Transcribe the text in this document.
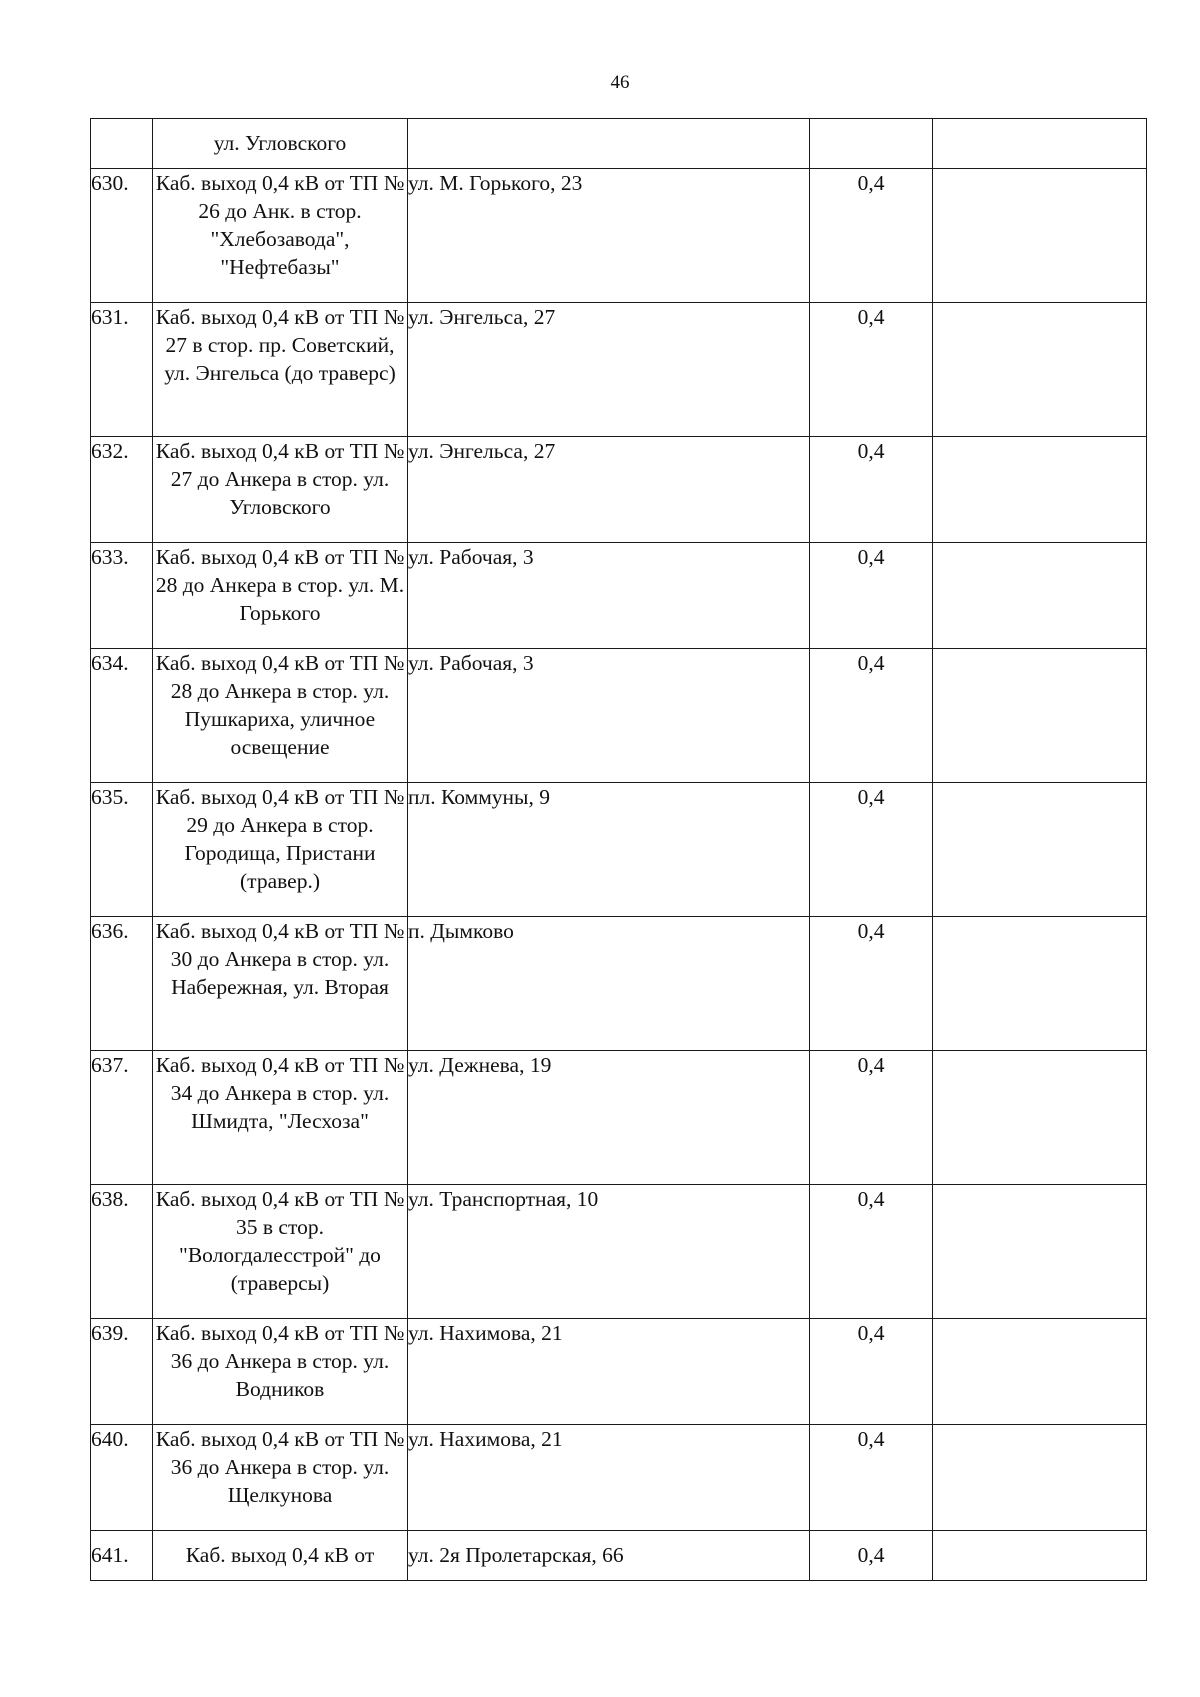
46
	ул. Угловского			
630.	Каб. выход 0,4 кВ от ТП № 26 до Анк. в стор. "Хлебозавода", "Нефтебазы"	ул. М. Горького, 23	0,4	
631.	Каб. выход 0,4 кВ от ТП № 27 в стор. пр. Советский, ул. Энгельса (до траверс)	ул. Энгельса, 27	0,4	
632.	Каб. выход 0,4 кВ от ТП № 27 до Анкера в стор. ул. Угловского	ул. Энгельса, 27	0,4	
633.	Каб. выход 0,4 кВ от ТП № 28 до Анкера в стор. ул. М. Горького	ул. Рабочая, 3	0,4	
634.	Каб. выход 0,4 кВ от ТП № 28 до Анкера в стор. ул. Пушкариха, уличное освещение	ул. Рабочая, 3	0,4	
635.	Каб. выход 0,4 кВ от ТП № 29 до Анкера в стор. Городища, Пристани (травер.)	пл. Коммуны, 9	0,4	
636.	Каб. выход 0,4 кВ от ТП № 30 до Анкера в стор. ул. Набережная, ул. Вторая	п. Дымково	0,4	
637.	Каб. выход 0,4 кВ от ТП № 34 до Анкера в стор. ул. Шмидта, "Лесхоза"	ул. Дежнева, 19	0,4	
638.	Каб. выход 0,4 кВ от ТП № 35 в стор. "Вологдалесстрой" до (траверсы)	ул. Транспортная, 10	0,4	
639.	Каб. выход 0,4 кВ от ТП № 36 до Анкера в стор. ул. Водников	ул. Нахимова, 21	0,4	
640.	Каб. выход 0,4 кВ от ТП № 36 до Анкера в стор. ул. Щелкунова	ул. Нахимова, 21	0,4	
641.	Каб. выход 0,4 кВ от	ул. 2я Пролетарская, 66	0,4	
